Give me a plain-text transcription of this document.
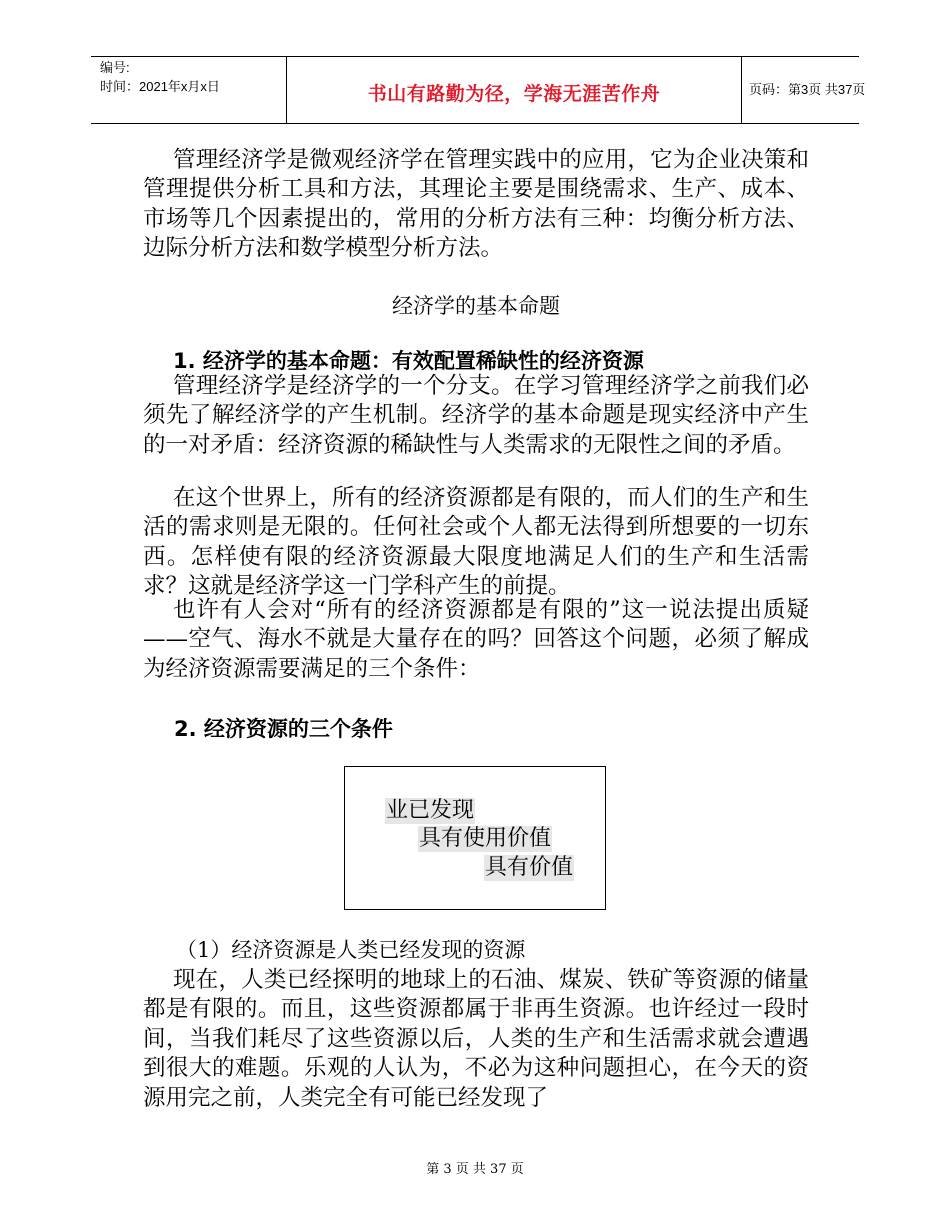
编号:
时间：2021年x月x日	书山有路勤为径，学海无涯苦作舟	页码：第3页 共37页
管理经济学是微观经济学在管理实践中的应用，它为企业决策和管理提供分析工具和方法，其理论主要是围绕需求、生产、成本、市场等几个因素提出的，常用的分析方法有三种：均衡分析方法、边际分析方法和数学模型分析方法。
经济学的基本命题
1. 经济学的基本命题：有效配置稀缺性的经济资源
管理经济学是经济学的一个分支。在学习管理经济学之前我们必须先了解经济学的产生机制。经济学的基本命题是现实经济中产生的一对矛盾：经济资源的稀缺性与人类需求的无限性之间的矛盾。
在这个世界上，所有的经济资源都是有限的，而人们的生产和生活的需求则是无限的。任何社会或个人都无法得到所想要的一切东西。怎样使有限的经济资源最大限度地满足人们的生产和生活需求？这就是经济学这一门学科产生的前提。
也许有人会对“所有的经济资源都是有限的”这一说法提出质疑——空气、海水不就是大量存在的吗？回答这个问题，必须了解成为经济资源需要满足的三个条件：
2. 经济资源的三个条件
业已发现
具有使用价值
具有价值
（1）经济资源是人类已经发现的资源
现在，人类已经探明的地球上的石油、煤炭、铁矿等资源的储量都是有限的。而且，这些资源都属于非再生资源。也许经过一段时间，当我们耗尽了这些资源以后，人类的生产和生活需求就会遭遇到很大的难题。乐观的人认为，不必为这种问题担心，在今天的资源用完之前，人类完全有可能已经发现了
第 3 页 共 37 页
